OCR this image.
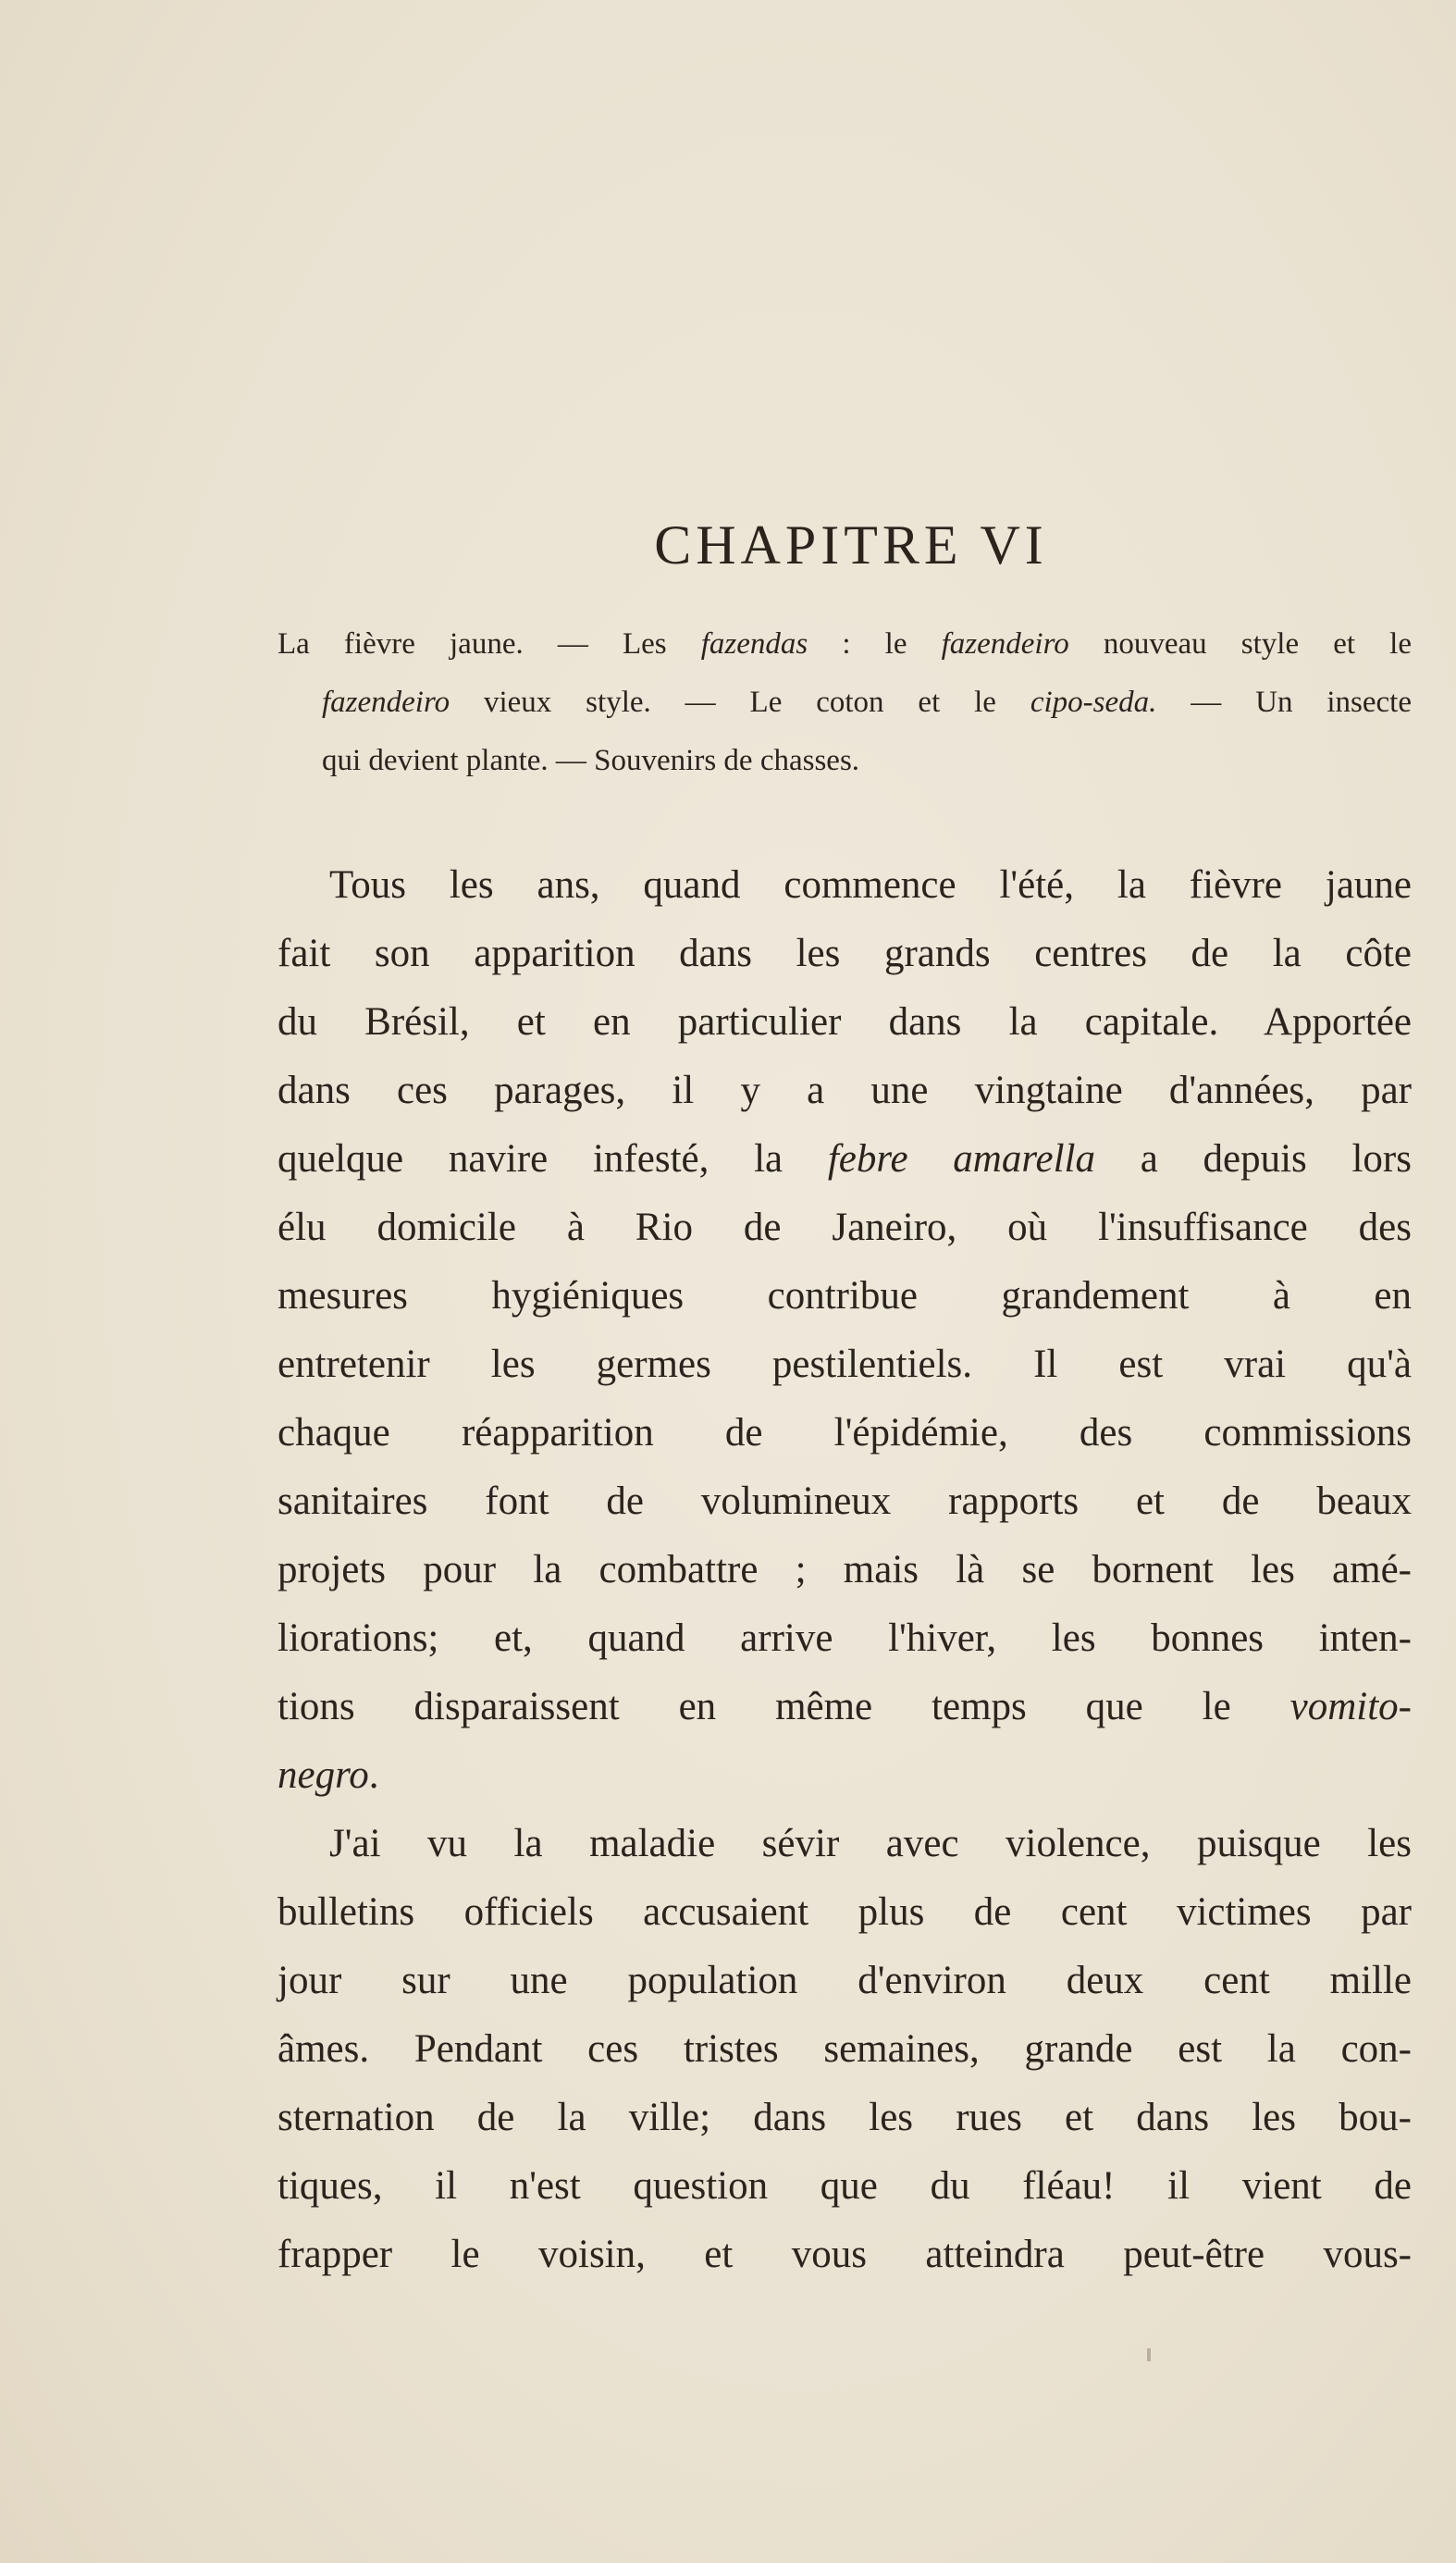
CHAPITRE VI
La fièvre jaune. — Les fazendas : le fazendeiro nouveau style et le
fazendeiro vieux style. — Le coton et le cipo-seda. — Un insecte
qui devient plante. — Souvenirs de chasses.
Tous les ans, quand commence l'été, la fièvre jaune
fait son apparition dans les grands centres de la côte
du Brésil, et en particulier dans la capitale. Apportée
dans ces parages, il y a une vingtaine d'années, par
quelque navire infesté, la febre amarella a depuis lors
élu domicile à Rio de Janeiro, où l'insuffisance des
mesures hygiéniques contribue grandement à en
entretenir les germes pestilentiels. Il est vrai qu'à
chaque réapparition de l'épidémie, des commissions
sanitaires font de volumineux rapports et de beaux
projets pour la combattre ; mais là se bornent les amé-
liorations; et, quand arrive l'hiver, les bonnes inten-
tions disparaissent en même temps que le vomito-
negro.
J'ai vu la maladie sévir avec violence, puisque les
bulletins officiels accusaient plus de cent victimes par
jour sur une population d'environ deux cent mille
âmes. Pendant ces tristes semaines, grande est la con-
sternation de la ville; dans les rues et dans les bou-
tiques, il n'est question que du fléau! il vient de
frapper le voisin, et vous atteindra peut-être vous-
